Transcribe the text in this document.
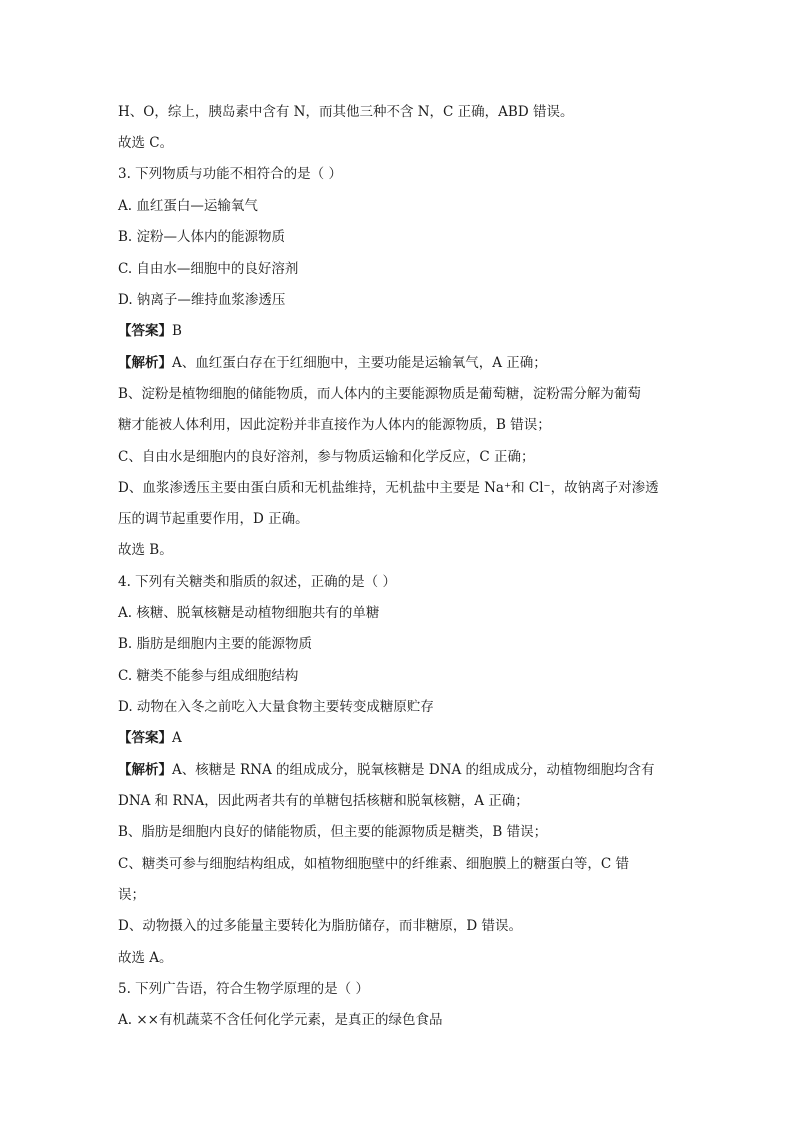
H、O，综上，胰岛素中含有 N，而其他三种不含 N，C 正确，ABD 错误。
故选 C。
3. 下列物质与功能不相符合的是（ ）
A. 血红蛋白—运输氧气
B. 淀粉—人体内的能源物质
C. 自由水—细胞中的良好溶剂
D. 钠离子—维持血浆渗透压
【答案】B
【解析】A、血红蛋白存在于红细胞中，主要功能是运输氧气，A 正确；
B、淀粉是植物细胞的储能物质，而人体内的主要能源物质是葡萄糖，淀粉需分解为葡萄
糖才能被人体利用，因此淀粉并非直接作为人体内的能源物质，B 错误；
C、自由水是细胞内的良好溶剂，参与物质运输和化学反应，C 正确；
D、血浆渗透压主要由蛋白质和无机盐维持，无机盐中主要是 Na⁺和 Cl⁻，故钠离子对渗透
压的调节起重要作用，D 正确。
故选 B。
4. 下列有关糖类和脂质的叙述，正确的是（ ）
A. 核糖、脱氧核糖是动植物细胞共有的单糖
B. 脂肪是细胞内主要的能源物质
C. 糖类不能参与组成细胞结构
D. 动物在入冬之前吃入大量食物主要转变成糖原贮存
【答案】A
【解析】A、核糖是 RNA 的组成成分，脱氧核糖是 DNA 的组成成分，动植物细胞均含有
DNA 和 RNA，因此两者共有的单糖包括核糖和脱氧核糖，A 正确；
B、脂肪是细胞内良好的储能物质，但主要的能源物质是糖类，B 错误；
C、糖类可参与细胞结构组成，如植物细胞壁中的纤维素、细胞膜上的糖蛋白等，C 错
误；
D、动物摄入的过多能量主要转化为脂肪储存，而非糖原，D 错误。
故选 A。
5. 下列广告语，符合生物学原理的是（ ）
A. ××有机蔬菜不含任何化学元素，是真正的绿色食品
